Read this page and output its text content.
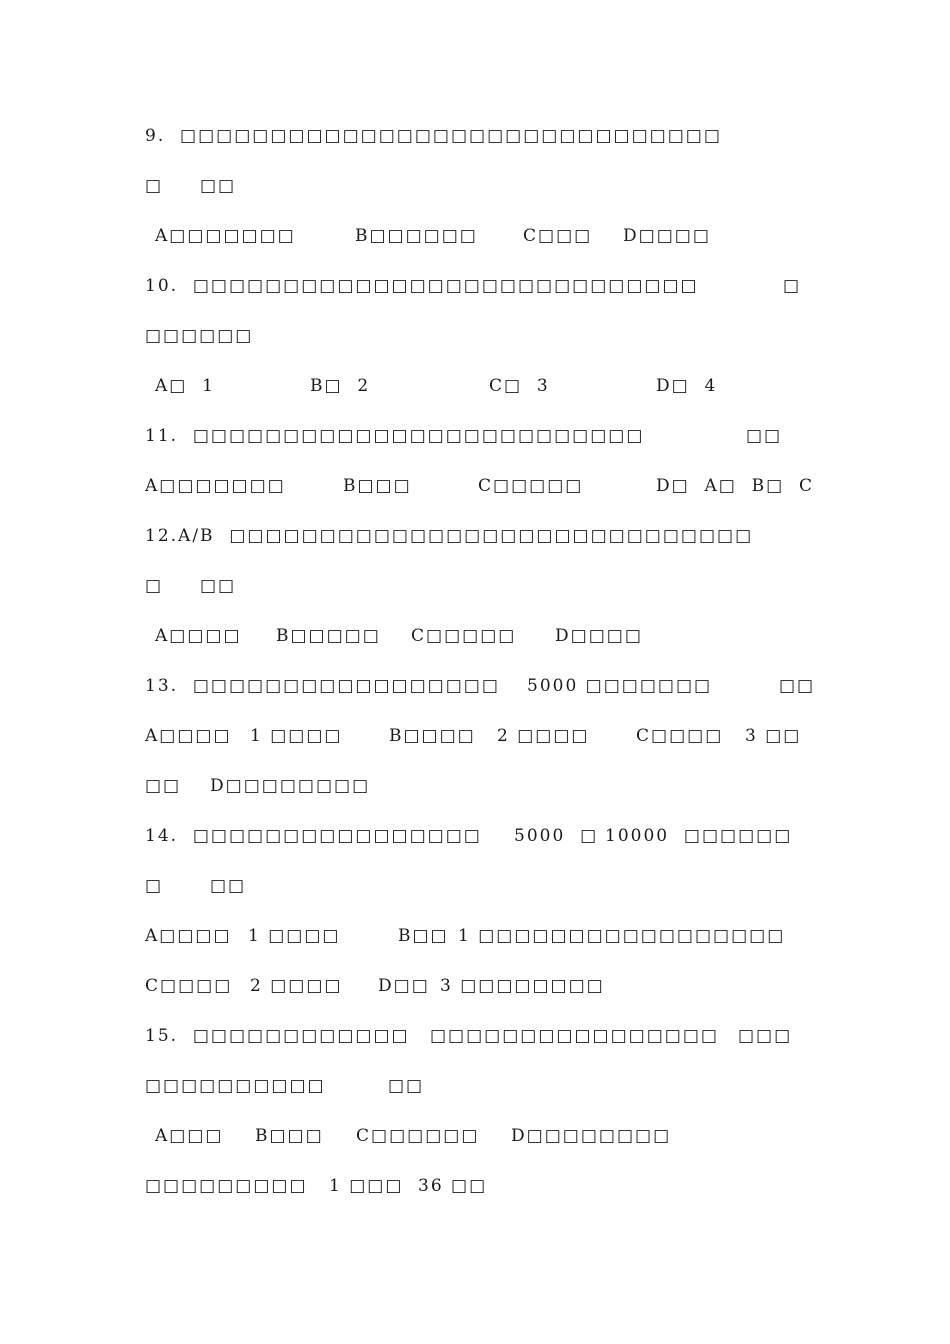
9.  □□□□□□□□□□□□□□□□□□□□□□□□□□□□□□
□ □□
A□□□□□□□	B□□□□□□	C□□□ D□□□□
10.  □□□□□□□□□□□□□□□□□□□□□□□□□□□□	□
□□□□□□
A□  1	B□  2	C□  3	D□  4
11.  □□□□□□□□□□□□□□□□□□□□□□□□□	□□
A□□□□□□□	B□□□	C□□□□□	D□  A□  B□  C
12.A/B  □□□□□□□□□□□□□□□□□□□□□□□□□□□□□
□ □□
A□□□□ B□□□□□ C□□□□□ D□□□□
13.  □□□□□□□□□□□□□□□□□ 5000 □□□□□□□	□□
A□□□□ 1 □□□□	B□□□□ 2 □□□□	C□□□□ 3 □□
□□ D□□□□□□□□
14.  □□□□□□□□□□□□□□□□ 5000  □ 10000  □□□□□□
□	□□
A□□□□ 1 □□□□	B□□ 1 □□□□□□□□□□□□□□□□□
C□□□□ 2 □□□□ D□□ 3 □□□□□□□□
15.  □□□□□□□□□□□□ □□□□□□□□□□□□□□□□ □□□
□□□□□□□□□□	□□
A□□□ B□□□ C□□□□□□ D□□□□□□□□
□□□□□□□□□ 1 □□□ 36 □□
